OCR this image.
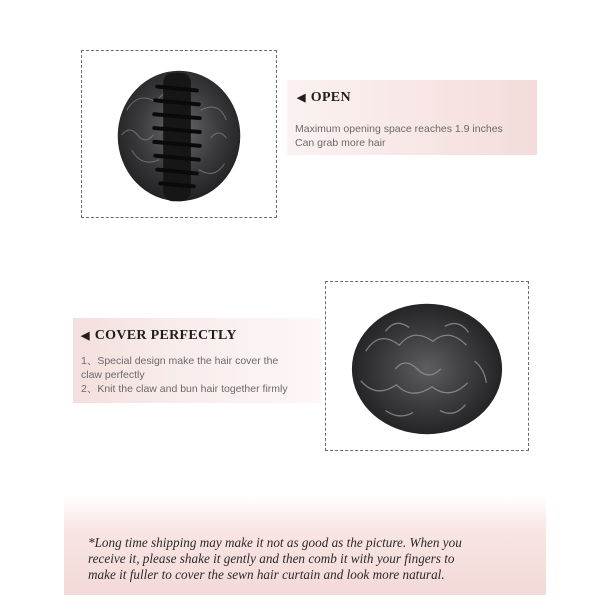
◀ OPEN
Maximum opening space reaches 1.9 inches
Can grab more hair
◀ COVER PERFECTLY
1、Special design make the hair cover the
claw perfectly
2、Knit the claw and bun hair together firmly
*Long time shipping may make it not as good as the picture. When you
receive it, please shake it gently and then comb it with your fingers to
make it fuller to cover the sewn hair curtain and look more natural.
